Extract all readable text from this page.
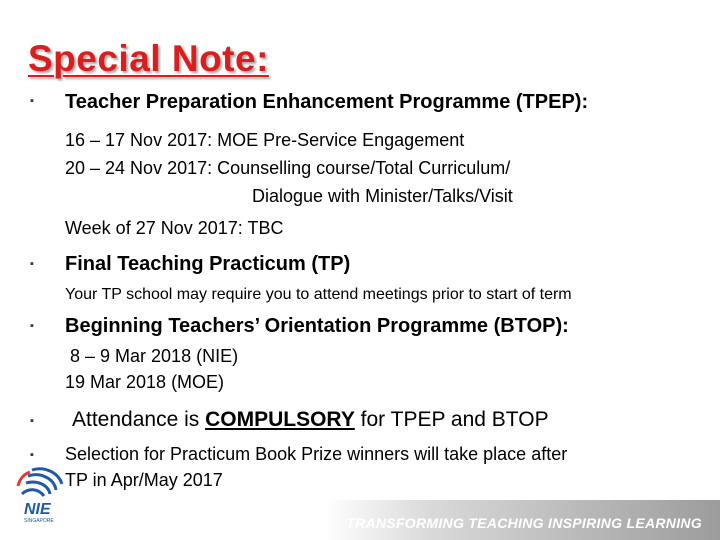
Special Note:
▪ Teacher Preparation Enhancement Programme (TPEP):
16 – 17 Nov 2017: MOE Pre-Service Engagement
20 – 24 Nov 2017: Counselling course/Total Curriculum/
Dialogue with Minister/Talks/Visit
Week of 27 Nov 2017: TBC
▪ Final Teaching Practicum (TP)
Your TP school may require you to attend meetings prior to start of term
▪ Beginning Teachers’ Orientation Programme (BTOP):
8 – 9 Mar 2018 (NIE)
19 Mar 2018 (MOE)
▪ Attendance is COMPULSORY for TPEP and BTOP
▪ Selection for Practicum Book Prize winners will take place after
TP in Apr/May 2017
TRANSFORMING TEACHING INSPIRING LEARNING
NIE
SINGAPORE
